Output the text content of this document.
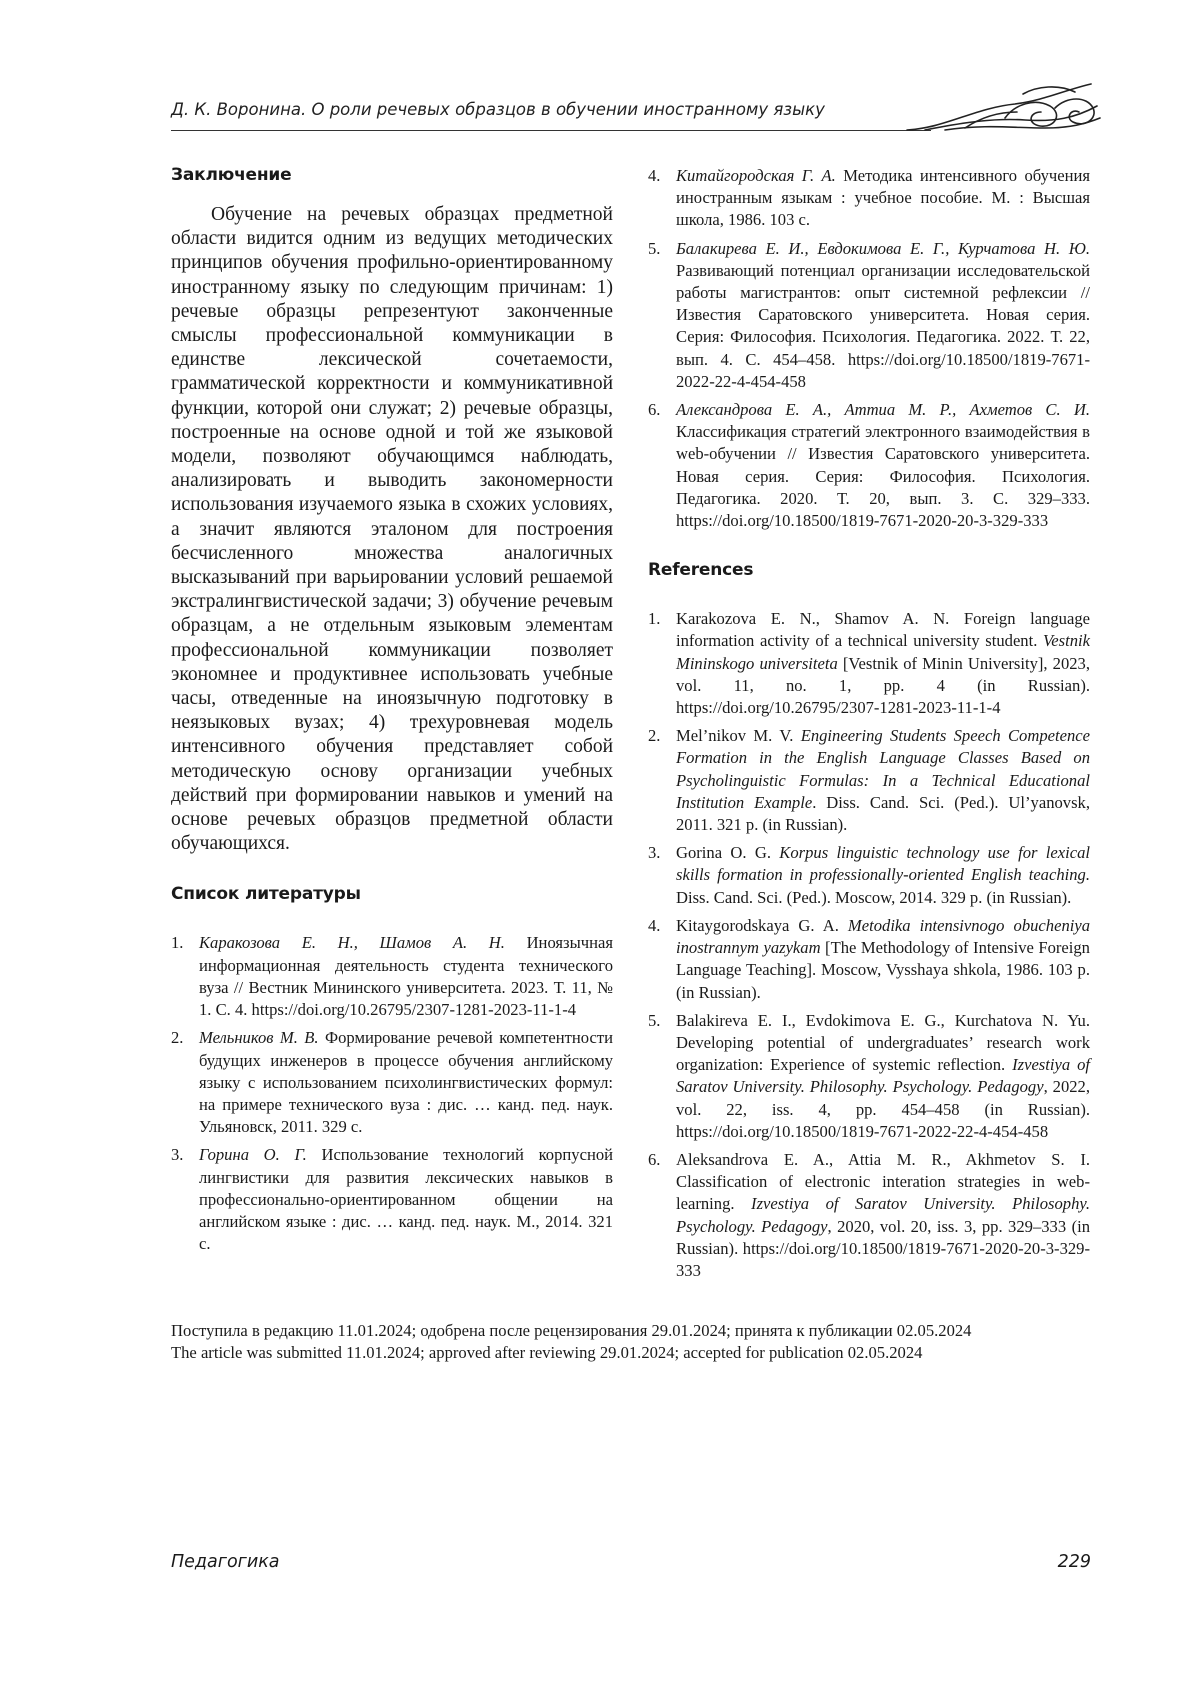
Д. К. Воронина. О роли речевых образцов в обучении иностранному языку
Заключение

Обучение на речевых образцах предметной области видится одним из ведущих методических принципов обучения профильно-ориентированному иностранному языку по следующим причинам: 1) речевые образцы репрезентуют законченные смыслы профессиональной коммуникации в единстве лексической сочетаемости, грамматической корректности и коммуникативной функции, которой они служат; 2) речевые образцы, построенные на основе одной и той же языковой модели, позволяют обучающимся наблюдать, анализировать и выводить закономерности использования изучаемого языка в схожих условиях, а значит являются эталоном для построения бесчисленного множества аналогичных высказываний при варьировании условий решаемой экстралингвистической задачи; 3) обучение речевым образцам, а не отдельным языковым элементам профессиональной коммуникации позволяет экономнее и продуктивнее использовать учебные часы, отведенные на иноязычную подготовку в неязыковых вузах; 4) трехуровневая модель интенсивного обучения представляет собой методическую основу организации учебных действий при формировании навыков и умений на основе речевых образцов предметной области обучающихся.

Список литературы
1. Каракозова Е. Н., Шамов А. Н. Иноязычная информационная деятельность студента технического вуза // Вестник Мининского университета. 2023. Т. 11, № 1. С. 4. https://doi.org/10.26795/2307-1281-2023-11-1-4
2. Мельников М. В. Формирование речевой компетентности будущих инженеров в процессе обучения английскому языку с использованием психолингвистических формул: на примере технического вуза : дис. … канд. пед. наук. Ульяновск, 2011. 329 с.
3. Горина О. Г. Использование технологий корпусной лингвистики для развития лексических навыков в профессионально-ориентированном общении на английском языке : дис. … канд. пед. наук. М., 2014. 321 с.
4. Китайгородская Г. А. Методика интенсивного обучения иностранным языкам : учебное пособие. М. : Высшая школа, 1986. 103 с.
5. Балакирева Е. И., Евдокимова Е. Г., Курчатова Н. Ю. Развивающий потенциал организации исследовательской работы магистрантов: опыт системной рефлексии // Известия Саратовского университета. Новая серия. Серия: Философия. Психология. Педагогика. 2022. Т. 22, вып. 4. С. 454–458. https://doi.org/10.18500/1819-7671-2022-22-4-454-458
6. Александрова Е. А., Аттиа М. Р., Ахметов С. И. Классификация стратегий электронного взаимодействия в web-обучении // Известия Саратовского университета. Новая серия. Серия: Философия. Психология. Педагогика. 2020. Т. 20, вып. 3. С. 329–333. https://doi.org/10.18500/1819-7671-2020-20-3-329-333
References
1. Karakozova E. N., Shamov A. N. Foreign language information activity of a technical university student. Vestnik Mininskogo universiteta [Vestnik of Minin University], 2023, vol. 11, no. 1, pp. 4 (in Russian). https://doi.org/10.26795/2307-1281-2023-11-1-4
2. Mel’nikov M. V. Engineering Students Speech Competence Formation in the English Language Classes Based on Psycholinguistic Formulas: In a Technical Educational Institution Example. Diss. Cand. Sci. (Ped.). Ul’yanovsk, 2011. 321 p. (in Russian).
3. Gorina O. G. Korpus linguistic technology use for lexical skills formation in professionally-oriented English teaching. Diss. Cand. Sci. (Ped.). Moscow, 2014. 329 p. (in Russian).
4. Kitaygorodskaya G. A. Metodika intensivnogo obucheniya inostrannym yazykam [The Methodology of Intensive Foreign Language Teaching]. Moscow, Vysshaya shkola, 1986. 103 p. (in Russian).
5. Balakireva E. I., Evdokimova E. G., Kurchatova N. Yu. Developing potential of undergraduates’ research work organization: Experience of systemic reflection. Izvestiya of Saratov University. Philosophy. Psychology. Pedagogy, 2022, vol. 22, iss. 4, pp. 454–458 (in Russian). https://doi.org/10.18500/1819-7671-2022-22-4-454-458
6. Aleksandrova E. A., Attia M. R., Akhmetov S. I. Classification of electronic interation strategies in web-learning. Izvestiya of Saratov University. Philosophy. Psychology. Pedagogy, 2020, vol. 20, iss. 3, pp. 329–333 (in Russian). https://doi.org/10.18500/1819-7671-2020-20-3-329-333
Поступила в редакцию 11.01.2024; одобрена после рецензирования 29.01.2024; принята к публикации 02.05.2024
The article was submitted 11.01.2024; approved after reviewing 29.01.2024; accepted for publication 02.05.2024
Педагогика	229
